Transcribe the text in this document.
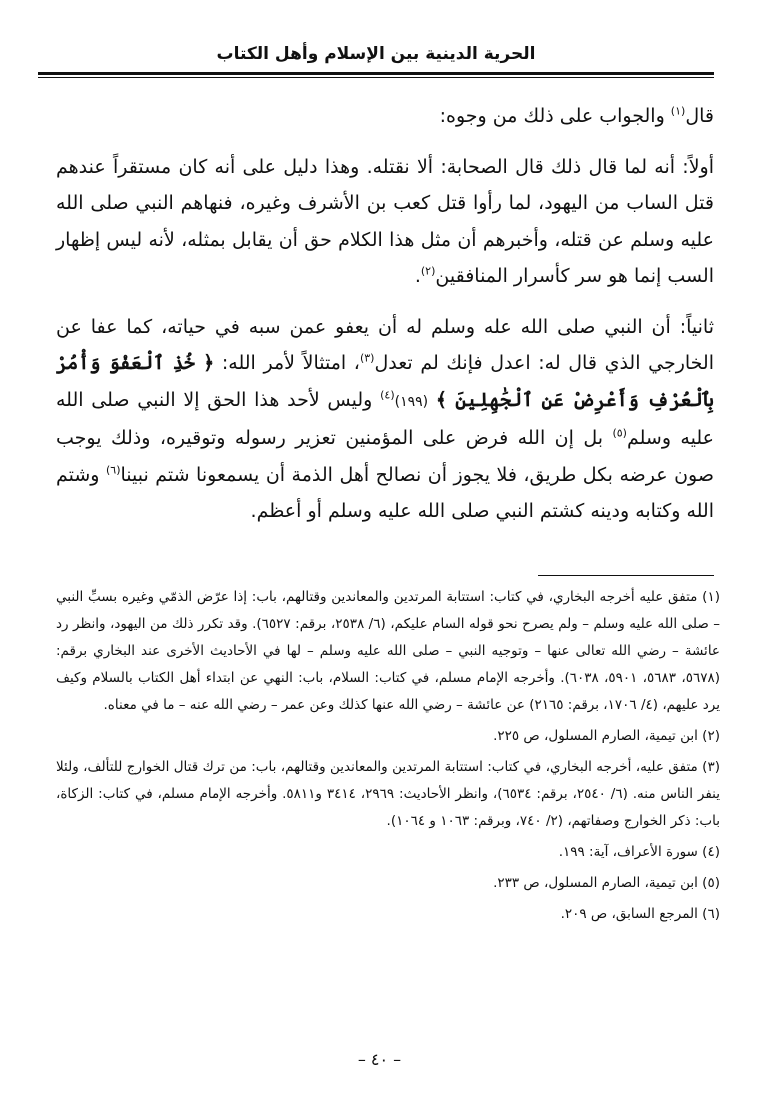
الحرية الدينية بين الإسلام وأهل الكتاب

قال$^{(١)}$ والجواب على ذلك من وجوه:

أولاً: أنه لما قال ذلك قال الصحابة: ألا نقتله. وهذا دليل على أنه كان مستقراً عندهم قتل الساب من اليهود، لما رأوا قتل كعب بن الأشرف وغيره، فنهاهم النبي صلى الله عليه وسلم عن قتله، وأخبرهم أن مثل هذا الكلام حق أن يقابل بمثله، لأنه ليس إظهار السب إنما هو سر كأسرار المنافقين$^{(٢)}$.

ثانياً: أن النبي صلى الله عله وسلم له أن يعفو عمن سبه في حياته، كما عفا عن الخارجي الذي قال له: اعدل فإنك لم تعدل$^{(٣)}$، امتثالاً لأمر الله: ﴿ خُذِ ٱلْعَفْوَ وَأْمُرْ بِٱلْعُرْفِ وَأَعْرِضْ عَنِ ٱلْجَٰهِلِينَ ﴾ (١٩٩)$^{(٤)}$ وليس لأحد هذا الحق إلا النبي صلى الله عليه وسلم$^{(٥)}$ بل إن الله فرض على المؤمنين تعزير رسوله وتوقيره، وذلك يوجب صون عرضه بكل طريق، فلا يجوز أن نصالح أهل الذمة أن يسمعونا شتم نبينا$^{(٦)}$ وشتم الله وكتابه ودينه كشتم النبي صلى الله عليه وسلم أو أعظم.

(١) متفق عليه أخرجه البخاري، في كتاب: استتابة المرتدين والمعاندين وقتالهم، باب: إذا عرّض الذمّي وغيره بسبِّ النبي – صلى الله عليه وسلم – ولم يصرح نحو قوله السام عليكم، (٦/ ٢٥٣٨، برقم: ٦٥٢٧). وقد تكرر ذلك من اليهود، وانظر رد عائشة – رضي الله تعالى عنها – وتوجيه النبي – صلى الله عليه وسلم – لها في الأحاديث الأخرى عند البخاري برقم: (٥٦٧٨، ٥٦٨٣، ٥٩٠١، ٦٠٣٨). وأخرجه الإمام مسلم، في كتاب: السلام، باب: النهي عن ابتداء أهل الكتاب بالسلام وكيف يرد عليهم، (٤/ ١٧٠٦، برقم: ٢١٦٥) عن عائشة – رضي الله عنها كذلك وعن عمر – رضي الله عنه – ما في معناه.

(٢) ابن تيمية، الصارم المسلول، ص ٢٢٥.

(٣) متفق عليه، أخرجه البخاري، في كتاب: استتابة المرتدين والمعاندين وقتالهم، باب: من ترك قتال الخوارج للتألف، ولئلا ينفر الناس منه. (٦/ ٢٥٤٠، برقم: ٦٥٣٤)، وانظر الأحاديث: ٢٩٦٩، ٣٤١٤ و٥٨١١. وأخرجه الإمام مسلم، في كتاب: الزكاة، باب: ذكر الخوارج وصفاتهم، (٢/ ٧٤٠، وبرقم: ١٠٦٣ و ١٠٦٤).

(٤) سورة الأعراف، آية: ١٩٩.

(٥) ابن تيمية، الصارم المسلول، ص ٢٣٣.

(٦) المرجع السابق، ص ٢٠٩.

– ٤٠ –
